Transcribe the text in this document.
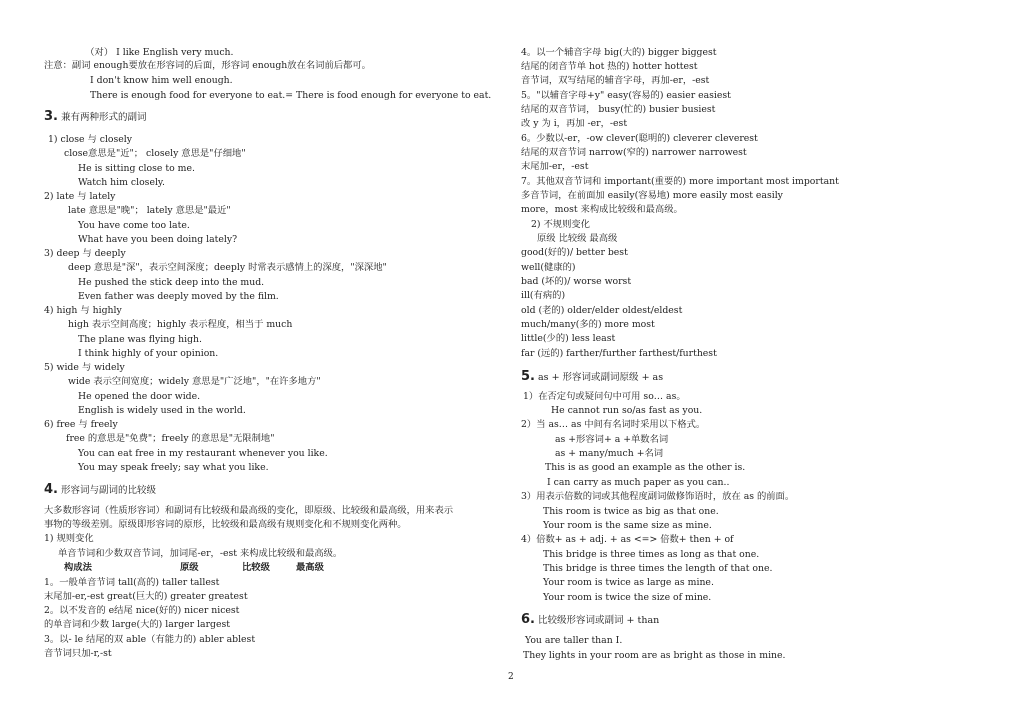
　　　（对） I like English very much.
注意：副词 enough要放在形容词的后面，形容词 enough放在名词前后都可。
I don't know him well enough.
There is enough food for everyone to eat.= There is food enough for everyone to eat.
1) close 与 closely
close意思是"近"； closely 意思是"仔细地"
He is sitting close to me.
Watch him closely.
2) late 与 lately
late 意思是"晚"； lately 意思是"最近"
You have come too late.
What have you been doing lately?
3) deep 与 deeply
deep 意思是"深"，表示空间深度；deeply 时常表示感情上的深度，"深深地"
He pushed the stick deep into the mud.
Even father was deeply moved by the film.
4) high 与 highly
high 表示空间高度；highly 表示程度，相当于 much
The plane was flying high.
I think highly of your opinion.
5) wide 与 widely
wide 表示空间宽度；widely 意思是"广泛地"，"在许多地方"
He opened the door wide.
English is widely used in the world.
6) free 与 freely
free 的意思是"免费"；freely 的意思是"无限制地"
You can eat free in my restaurant whenever you like.
You may speak freely; say what you like.
大多数形容词（性质形容词）和副词有比较级和最高级的变化，即原级、比较级和最高级，用来表示
事物的等级差别。原级即形容词的原形，比较级和最高级有规则变化和不规则变化两种。
1) 规则变化
单音节词和少数双音节词，加词尾-er，-est 来构成比较级和最高级。
1。一般单音节词 tall(高的) taller tallest
末尾加-er,-est great(巨大的) greater greatest
2。以不发音的 e结尾 nice(好的) nicer nicest
的单音词和少数 large(大的) larger largest
3。以- le 结尾的双 able（有能力的) abler ablest
音节词只加-r,-st
3. 兼有两种形式的副词
4. 形容词与副词的比较级
构成法	原级	比较级	最高级
4。以一个辅音字母 big(大的) bigger biggest
结尾的闭音节单 hot 热的) hotter hottest
音节词，双写结尾的辅音字母，再加-er，-est
5。"以辅音字母+y" easy(容易的) easier easiest
结尾的双音节词， busy(忙的) busier busiest
改 y 为 i，再加 -er，-est
6。少数以-er，-ow clever(聪明的) cleverer cleverest
结尾的双音节词 narrow(窄的) narrower narrowest
末尾加-er，-est
7。其他双音节词和 important(重要的) more important most important
多音节词，在前面加 easily(容易地) more easily most easily
more，most 来构成比较级和最高级。
2) 不规则变化
原级 比较级 最高级
good(好的)/ better best
well(健康的)
bad (坏的)/ worse worst
ill(有病的)
old (老的) older/elder oldest/eldest
much/many(多的) more most
little(少的) less least
far (远的) farther/further farthest/furthest
1）在否定句或疑问句中可用 so… as。
He cannot run so/as fast as you.
2）当 as… as 中间有名词时采用以下格式。
as +形容词+ a +单数名词
as + many/much +名词
This is as good an example as the other is.
I can carry as much paper as you can..
3）用表示倍数的词或其他程度副词做修饰语时，放在 as 的前面。
This room is twice as big as that one.
Your room is the same size as mine.
4）倍数+ as + adj. + as <=> 倍数+ then + of
This bridge is three times as long as that one.
This bridge is three times the length of that one.
Your room is twice as large as mine.
Your room is twice the size of mine.
You are taller than I.
They lights in your room are as bright as those in mine.
5. as + 形容词或副词原级 + as
6. 比较级形容词或副词 + than
2
